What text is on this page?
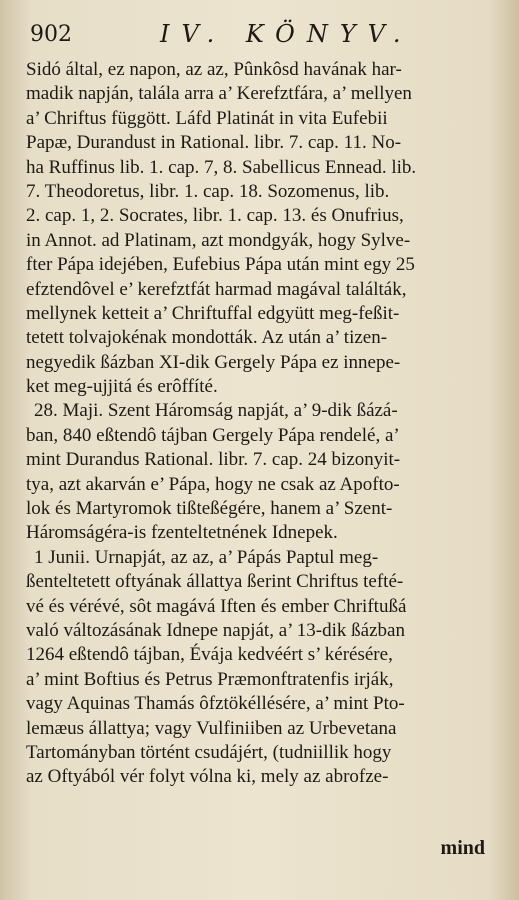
902	IV. KÖNYV.
Sidó által, ez napon, az az, Pûnkôsd havának har-
madik napján, talála arra a’ Kerefztfára, a’ mellyen
a’ Chriftus függött. Láfd Platinát in vita Eufebii
Papæ, Durandust in Rational. libr. 7. cap. 11. No-
ha Ruffinus lib. 1. cap. 7, 8. Sabellicus Ennead. lib.
7. Theodoretus, libr. 1. cap. 18. Sozomenus, lib.
2. cap. 1, 2. Socrates, libr. 1. cap. 13. és Onufrius,
in Annot. ad Platinam, azt mondgyák, hogy Sylve-
fter Pápa idejében, Eufebius Pápa után mint egy 25
efztendôvel e’ kerefztfát harmad magával találták,
mellynek ketteit a’ Chriftuffal edgyütt meg-feßit-
tetett tolvajokénak mondották. Az után a’ tizen-
negyedik ßázban XI-dik Gergely Pápa ez innepe-
ket meg-ujjitá és erôffíté.
28. Maji. Szent Háromság napját, a’ 9-dik ßázá-
ban, 840 eßtendô tájban Gergely Pápa rendelé, a’
mint Durandus Rational. libr. 7. cap. 24 bizonyit-
tya, azt akarván e’ Pápa, hogy ne csak az Apofto-
lok és Martyromok tißteßégére, hanem a’ Szent-
Háromságéra-is fzenteltetnének Idnepek.
1 Junii. Urnapját, az az, a’ Pápás Paptul meg-
ßenteltetett oftyának állattya ßerint Chriftus tefté-
vé és vérévé, sôt magává Iften és ember Chriftußá
való változásának Idnepe napját, a’ 13-dik ßázban
1264 eßtendô tájban, Évája kedvéért s’ kérésére,
a’ mint Boftius és Petrus Præmonftratenfis irják,
vagy Aquinas Thamás ôfztökéllésére, a’ mint Pto-
lemæus állattya; vagy Vulfiniiben az Urbevetana
Tartományban történt csudájért, (tudniillik hogy
az Oftyából vér folyt vólna ki, mely az abrofze-
mind
